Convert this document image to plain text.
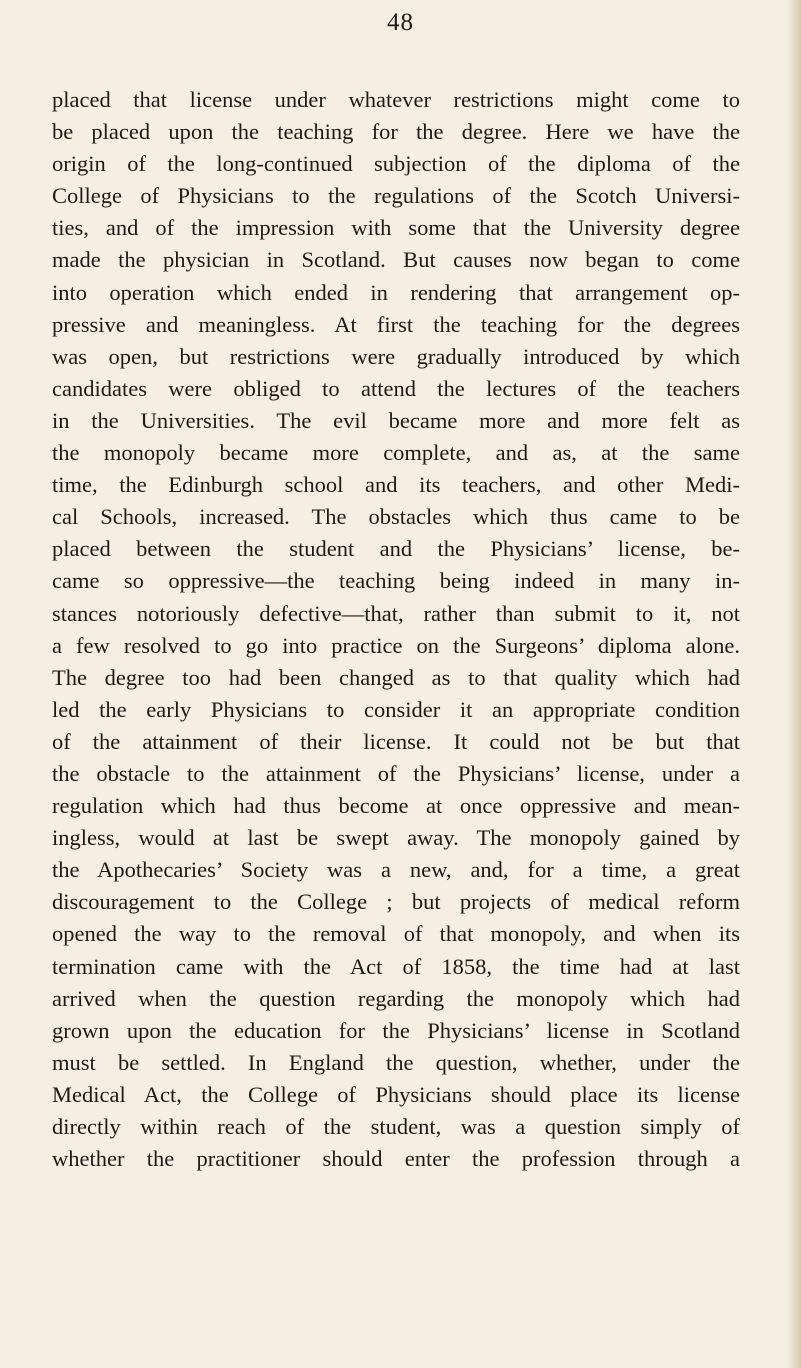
48
placed that license under whatever restrictions might come to
be placed upon the teaching for the degree. Here we have the
origin of the long-continued subjection of the diploma of the
College of Physicians to the regulations of the Scotch Universi-
ties, and of the impression with some that the University degree
made the physician in Scotland. But causes now began to come
into operation which ended in rendering that arrangement op-
pressive and meaningless. At first the teaching for the degrees
was open, but restrictions were gradually introduced by which
candidates were obliged to attend the lectures of the teachers
in the Universities. The evil became more and more felt as
the monopoly became more complete, and as, at the same
time, the Edinburgh school and its teachers, and other Medi-
cal Schools, increased. The obstacles which thus came to be
placed between the student and the Physicians’ license, be-
came so oppressive—the teaching being indeed in many in-
stances notoriously defective—that, rather than submit to it, not
a few resolved to go into practice on the Surgeons’ diploma alone.
The degree too had been changed as to that quality which had
led the early Physicians to consider it an appropriate condition
of the attainment of their license. It could not be but that
the obstacle to the attainment of the Physicians’ license, under a
regulation which had thus become at once oppressive and mean-
ingless, would at last be swept away. The monopoly gained by
the Apothecaries’ Society was a new, and, for a time, a great
discouragement to the College ; but projects of medical reform
opened the way to the removal of that monopoly, and when its
termination came with the Act of 1858, the time had at last
arrived when the question regarding the monopoly which had
grown upon the education for the Physicians’ license in Scotland
must be settled. In England the question, whether, under the
Medical Act, the College of Physicians should place its license
directly within reach of the student, was a question simply of
whether the practitioner should enter the profession through a
